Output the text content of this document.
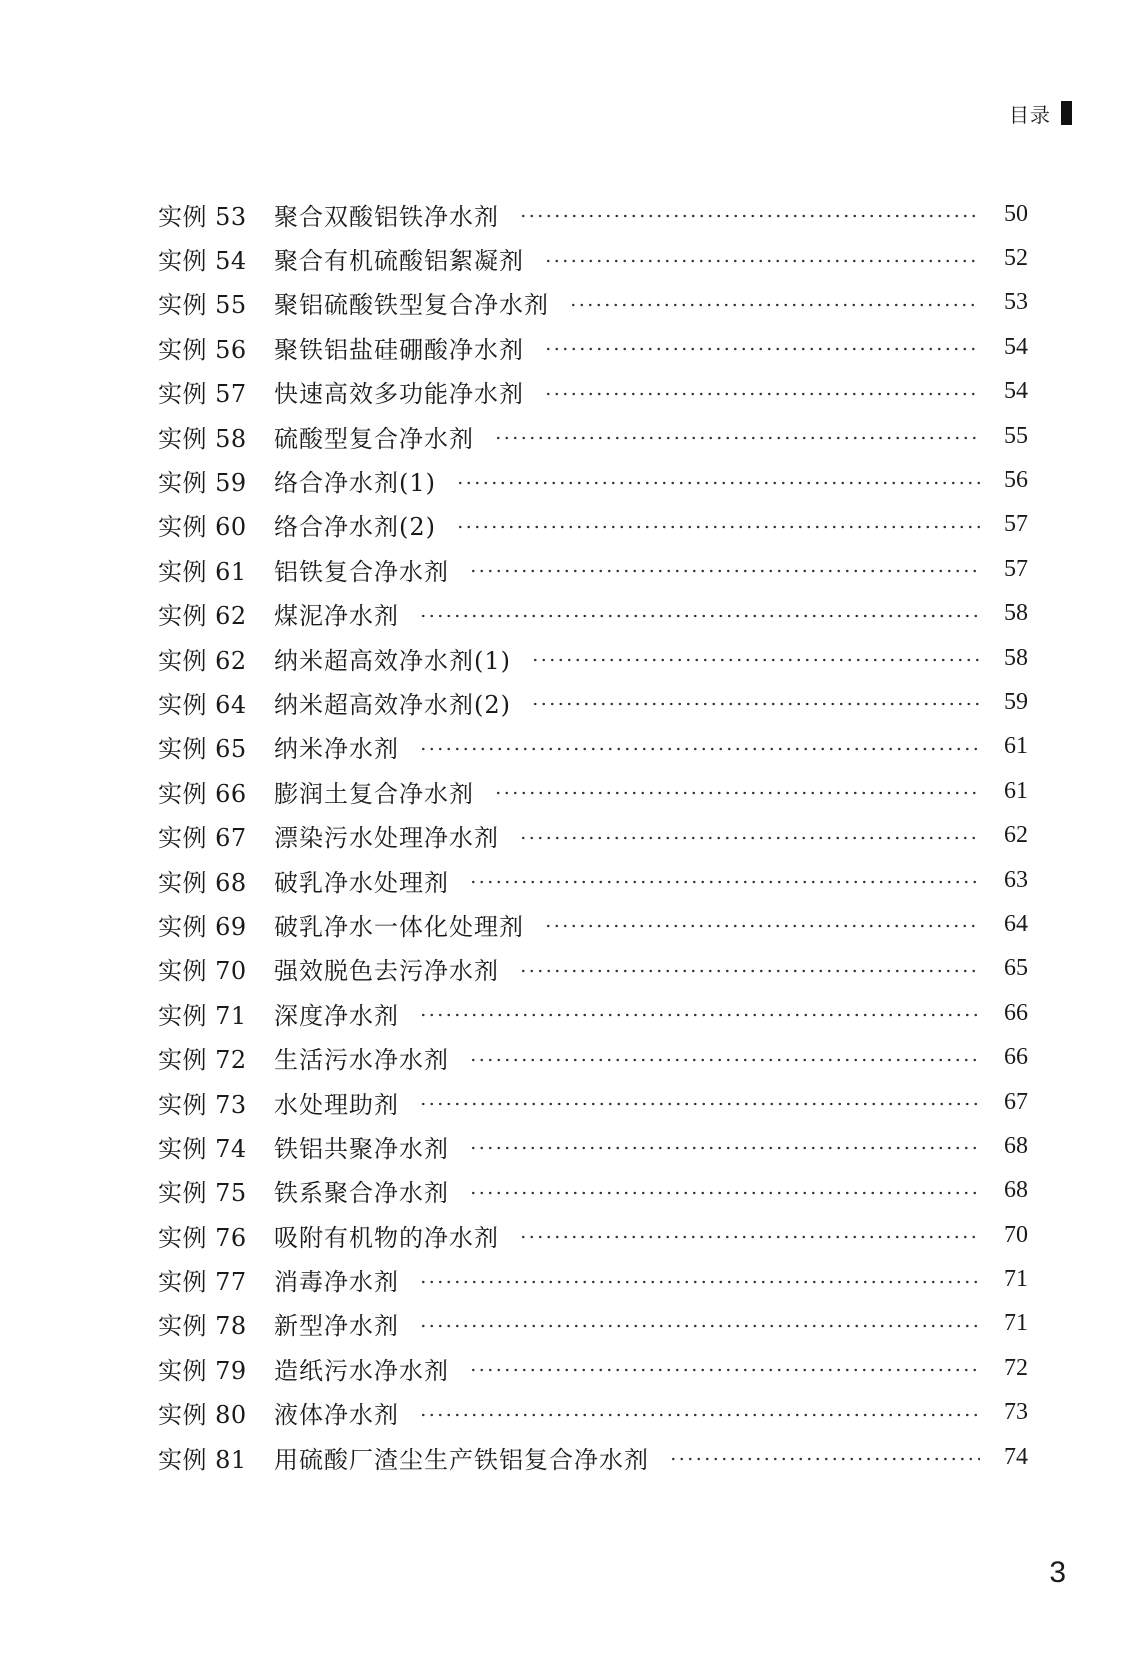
目录
实例 53	聚合双酸铝铁净水剂	50
实例 54	聚合有机硫酸铝絮凝剂	52
实例 55	聚铝硫酸铁型复合净水剂	53
实例 56	聚铁铝盐硅硼酸净水剂	54
实例 57	快速高效多功能净水剂	54
实例 58	硫酸型复合净水剂	55
实例 59	络合净水剂(1)	56
实例 60	络合净水剂(2)	57
实例 61	铝铁复合净水剂	57
实例 62	煤泥净水剂	58
实例 62	纳米超高效净水剂(1)	58
实例 64	纳米超高效净水剂(2)	59
实例 65	纳米净水剂	61
实例 66	膨润土复合净水剂	61
实例 67	漂染污水处理净水剂	62
实例 68	破乳净水处理剂	63
实例 69	破乳净水一体化处理剂	64
实例 70	强效脱色去污净水剂	65
实例 71	深度净水剂	66
实例 72	生活污水净水剂	66
实例 73	水处理助剂	67
实例 74	铁铝共聚净水剂	68
实例 75	铁系聚合净水剂	68
实例 76	吸附有机物的净水剂	70
实例 77	消毒净水剂	71
实例 78	新型净水剂	71
实例 79	造纸污水净水剂	72
实例 80	液体净水剂	73
实例 81	用硫酸厂渣尘生产铁铝复合净水剂	74
3
